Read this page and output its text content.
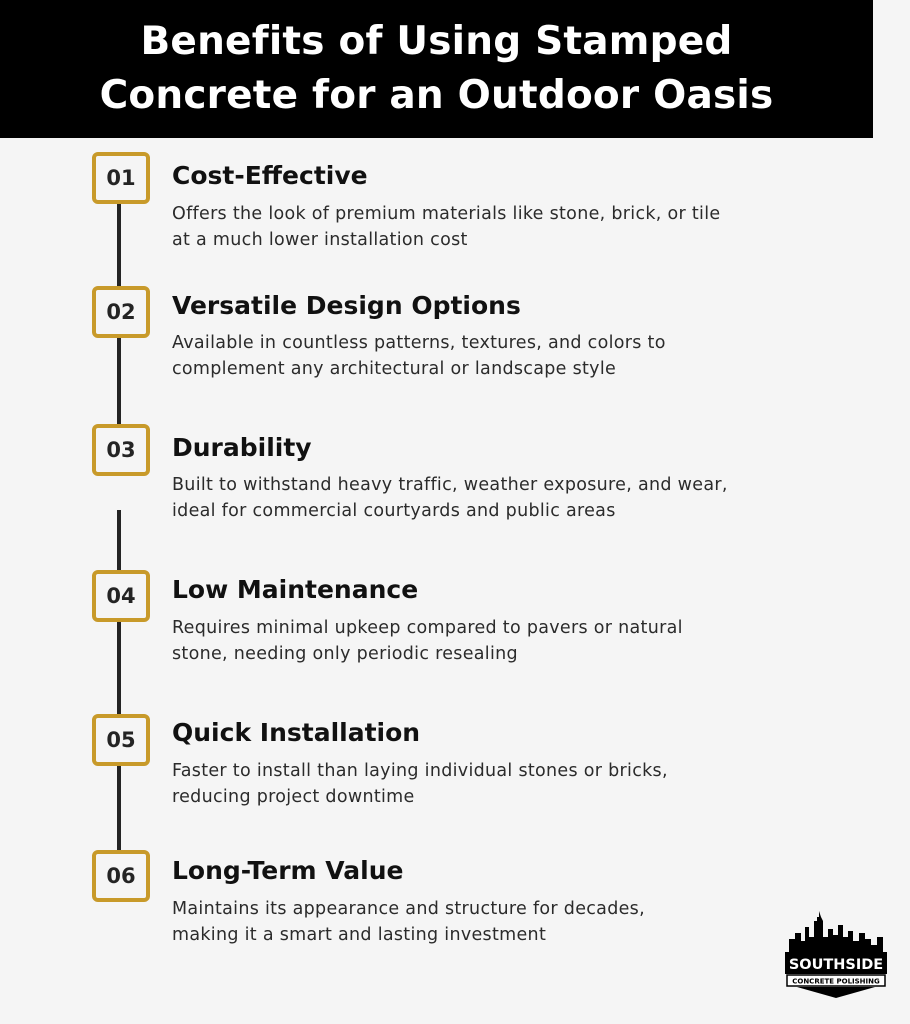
Benefits of Using Stamped
Concrete for an Outdoor Oasis
01	Cost-Effective

Offers the look of premium materials like stone, brick, or tile
at a much lower installation cost

02	Versatile Design Options

Available in countless patterns, textures, and colors to
complement any architectural or landscape style

03	Durability

Built to withstand heavy traffic, weather exposure, and wear,
ideal for commercial courtyards and public areas

04	Low Maintenance

Requires minimal upkeep compared to pavers or natural
stone, needing only periodic resealing

05	Quick Installation

Faster to install than laying individual stones or bricks,
reducing project downtime

06	Long-Term Value

Maintains its appearance and structure for decades,
making it a smart and lasting investment

SOUTHSIDE
CONCRETE POLISHING
